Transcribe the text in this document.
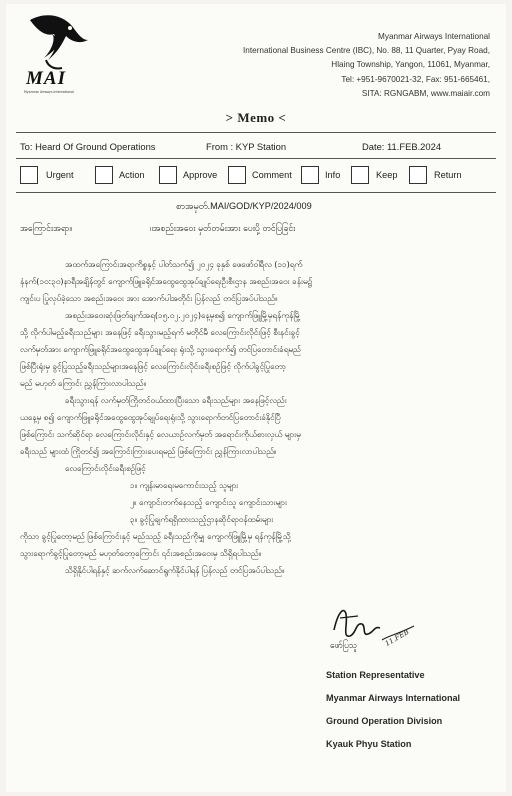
MAI
Myanmar Airways International
Myanmar Airways International
International Business Centre (IBC), No. 88, 11 Quarter, Pyay Road,
Hlaing Township, Yangon, 11061, Myanmar,
Tel: +951-9670021-32, Fax: 951-665461,
SITA: RGNGABM, www.maiair.com
> Memo <
To: Heard Of Ground Operations	From : KYP Station	Date: 11.FEB.2024
Urgent	Action	Approve	Comment	Info	Keep	Return
စာအမှတ်.MAI/GOD/KYP/2024/009
အကြောင်းအရာ။	။အစည်းအဝေး မှတ်တမ်းအား ပေးပို့ တင်ပြခြင်း
အထက်အကြောင်းအရာကိစ္စနှင့် ပါတ်သက်၍ ၂၀၂၄ ခုနှစ် ဖေဖော်ဝါရီလ (၁၁)ရက်
နံနက်(၁၀:၃၀)နာရီအချိန်တွင် ကျောက်ဖြူခရိုင်အထွေထွေအုပ်ချုပ်ရေးဦးစီးဌာန အစည်းအဝေး ခန်းမ၌
ကျင်းပ ပြုလုပ်ခဲ့သော အစည်းအဝေး အား အောက်ပါအတိုင်း ပြန်လည် တင်ပြအပ်ပါသည်။
အစည်းအဝေးဆုံးဖြတ်ချက်အရ(၁၅.၀၂.၂၀၂၄)နေ့မှစ၍ ကျောက်ဖြူမြို့မှရန်ကုန်မြို့
သို့ လိုက်ပါမည့်ခရီးသည်များ အနေဖြင့် ခရီးသွားမည့်ရက် မတိုင်မီ လေကြောင်းလိုင်းဖြင့် စီးနင်းခွင့်
လက်မှတ်အား ကျောက်ဖြူခရိုင်အထွေထွေအုပ်ချုပ်ရေး ရုံးသို့ သွားရောက်၍ တင်ပြတောင်းခံရမည်
ဖြစ်ပြီးရုံးမှ ခွင့်ပြုသည့်ခရီးသည်များအနေဖြင့် လေကြောင်းလိုင်းခရီးစဉ်ဖြင့် လိုက်ပါခွင့်ပြုတော့
မည် မဟုတ် ကြောင်း ညွှန်ကြားလာပါသည်။
ခရီးသွားရန် လက်မှတ်ကြိုတင်ဝယ်ထားပြီးသော ခရီးသည်များ အနေဖြင့်လည်း
ယနေ့မှ စ၍ ကျောက်ဖြူခရိုင်အထွေထွေအုပ်ချုပ်ရေးရုံးသို့ သွားရောက်တင်ပြတောင်းခံနိုင်ပြီ
ဖြစ်ကြောင်း သက်ဆိုင်ရာ လေကြောင်းလိုင်းနှင့် လေယာဉ်လက်မှတ် အရောင်းကိုယ်စားလှယ် များမှ
ခရီးသည် များထံ ကြိုတင်၍ အကြောင်းကြားပေးရမည် ဖြစ်ကြောင်း ညွှန်ကြားလာပါသည်။
လေကြောင်းလိုင်းခရီးစဉ်ဖြင့်
၁။ ကျန်းမာရေးမကောင်းသည့် သူများ
၂။ ကျောင်းတက်နေသည့် ကျောင်းသူ ကျောင်းသားများ
၃။ ခွင့်ပြုချက်ရရှိထားသည့်ဌာနဆိုင်ရာဝန်ထမ်းများ
ကိုသာ ခွင့်ပြုတော့မည် ဖြစ်ကြောင်းနှင့် မည်သည့် ခရီးသည်ကိုမျှ ကျောက်ဖြူမြို့မှ ရန်ကုန်မြို့သို့
သွားရောက်ခွင့်ပြုတော့မည် မဟုတ်တော့ကြောင်း ၎င်းအစည်းအဝေးမှ သိရှိရပါသည်။
သိရှိနိုင်ပါရန်နှင့် ဆက်လက်ဆောင်ရွက်နိုင်ပါရန် ပြန်လည် တင်ပြအပ်ပါသည်။
11.FEB
ဖော်ပြသူ
Station Representative
Myanmar Airways International
Ground Operation Division
Kyauk Phyu Station
